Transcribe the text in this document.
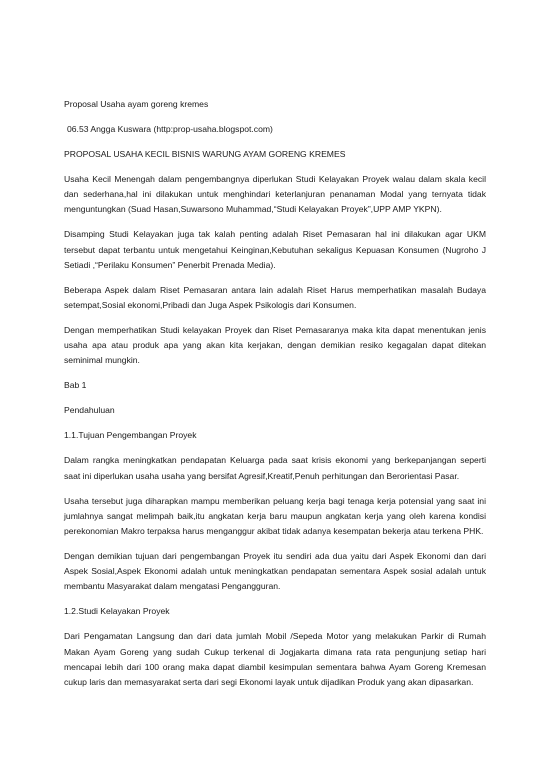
Proposal Usaha ayam goreng kremes
06.53 Angga Kuswara (http:prop-usaha.blogspot.com)
PROPOSAL USAHA KECIL BISNIS WARUNG AYAM GORENG KREMES

Usaha Kecil Menengah dalam pengembangnya diperlukan Studi Kelayakan Proyek walau dalam skala kecil dan sederhana,hal ini dilakukan untuk menghindari keterlanjuran penanaman Modal yang ternyata tidak menguntungkan (Suad Hasan,Suwarsono Muhammad,“Studi Kelayakan Proyek”,UPP AMP YKPN).

Disamping Studi Kelayakan juga tak kalah penting adalah Riset Pemasaran hal ini dilakukan agar UKM tersebut dapat terbantu untuk mengetahui Keinginan,Kebutuhan sekaligus Kepuasan Konsumen (Nugroho J Setiadi ,“Perilaku Konsumen” Penerbit Prenada Media).

Beberapa Aspek dalam Riset Pemasaran antara lain adalah Riset Harus memperhatikan masalah Budaya setempat,Sosial ekonomi,Pribadi dan Juga Aspek Psikologis dari Konsumen.

Dengan memperhatikan Studi kelayakan Proyek dan Riset Pemasaranya maka kita dapat menentukan jenis usaha apa atau produk apa yang akan kita kerjakan, dengan demikian resiko kegagalan dapat ditekan seminimal mungkin.

Bab 1
Pendahuluan
1.1.Tujuan Pengembangan Proyek

Dalam rangka meningkatkan pendapatan Keluarga pada saat krisis ekonomi yang berkepanjangan seperti saat ini diperlukan usaha usaha yang bersifat Agresif,Kreatif,Penuh perhitungan dan Berorientasi Pasar.

Usaha tersebut juga diharapkan mampu memberikan peluang kerja bagi tenaga kerja potensial yang saat ini jumlahnya sangat melimpah baik,itu angkatan kerja baru maupun angkatan kerja yang oleh karena kondisi perekonomian Makro terpaksa harus menganggur akibat tidak adanya kesempatan bekerja atau terkena PHK.

Dengan demikian tujuan dari pengembangan Proyek itu sendiri ada dua yaitu dari Aspek Ekonomi dan dari Aspek Sosial,Aspek Ekonomi adalah untuk meningkatkan pendapatan sementara Aspek sosial adalah untuk membantu Masyarakat dalam mengatasi Pengangguran.

1.2.Studi Kelayakan Proyek

Dari Pengamatan Langsung dan dari data jumlah Mobil /Sepeda Motor yang melakukan Parkir di Rumah Makan Ayam Goreng yang sudah Cukup terkenal di Jogjakarta dimana rata rata pengunjung setiap hari mencapai lebih dari 100 orang maka dapat diambil kesimpulan sementara bahwa Ayam Goreng Kremesan cukup laris dan memasyarakat serta dari segi Ekonomi layak untuk dijadikan Produk yang akan dipasarkan.
